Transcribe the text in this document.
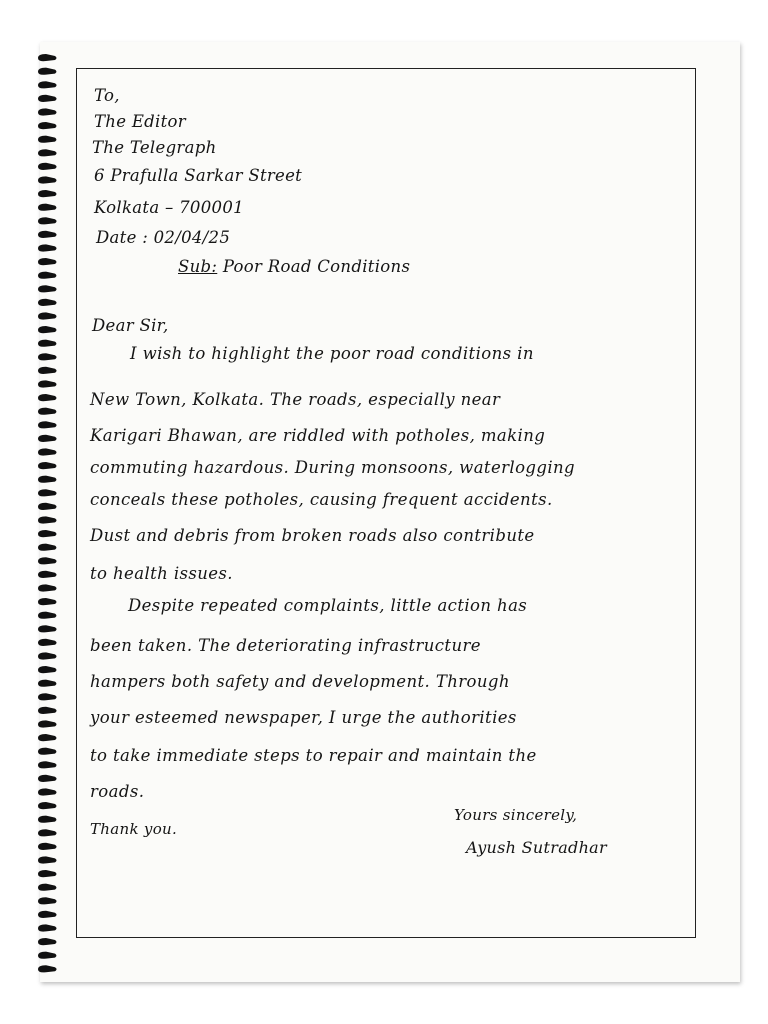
To,
The Editor
The Telegraph
6 Prafulla Sarkar Street
Kolkata – 700001
Date : 02/04/25
Sub: Poor Road Conditions
Dear Sir,
I wish to highlight the poor road conditions in
New Town, Kolkata. The roads, especially near
Karigari Bhawan, are riddled with potholes, making
commuting hazardous. During monsoons, waterlogging
conceals these potholes, causing frequent accidents.
Dust and debris from broken roads also contribute
to health issues.
Despite repeated complaints, little action has
been taken. The deteriorating infrastructure
hampers both safety and development. Through
your esteemed newspaper, I urge the authorities
to take immediate steps to repair and maintain the
roads.
Thank you.
Yours sincerely,
Ayush Sutradhar
